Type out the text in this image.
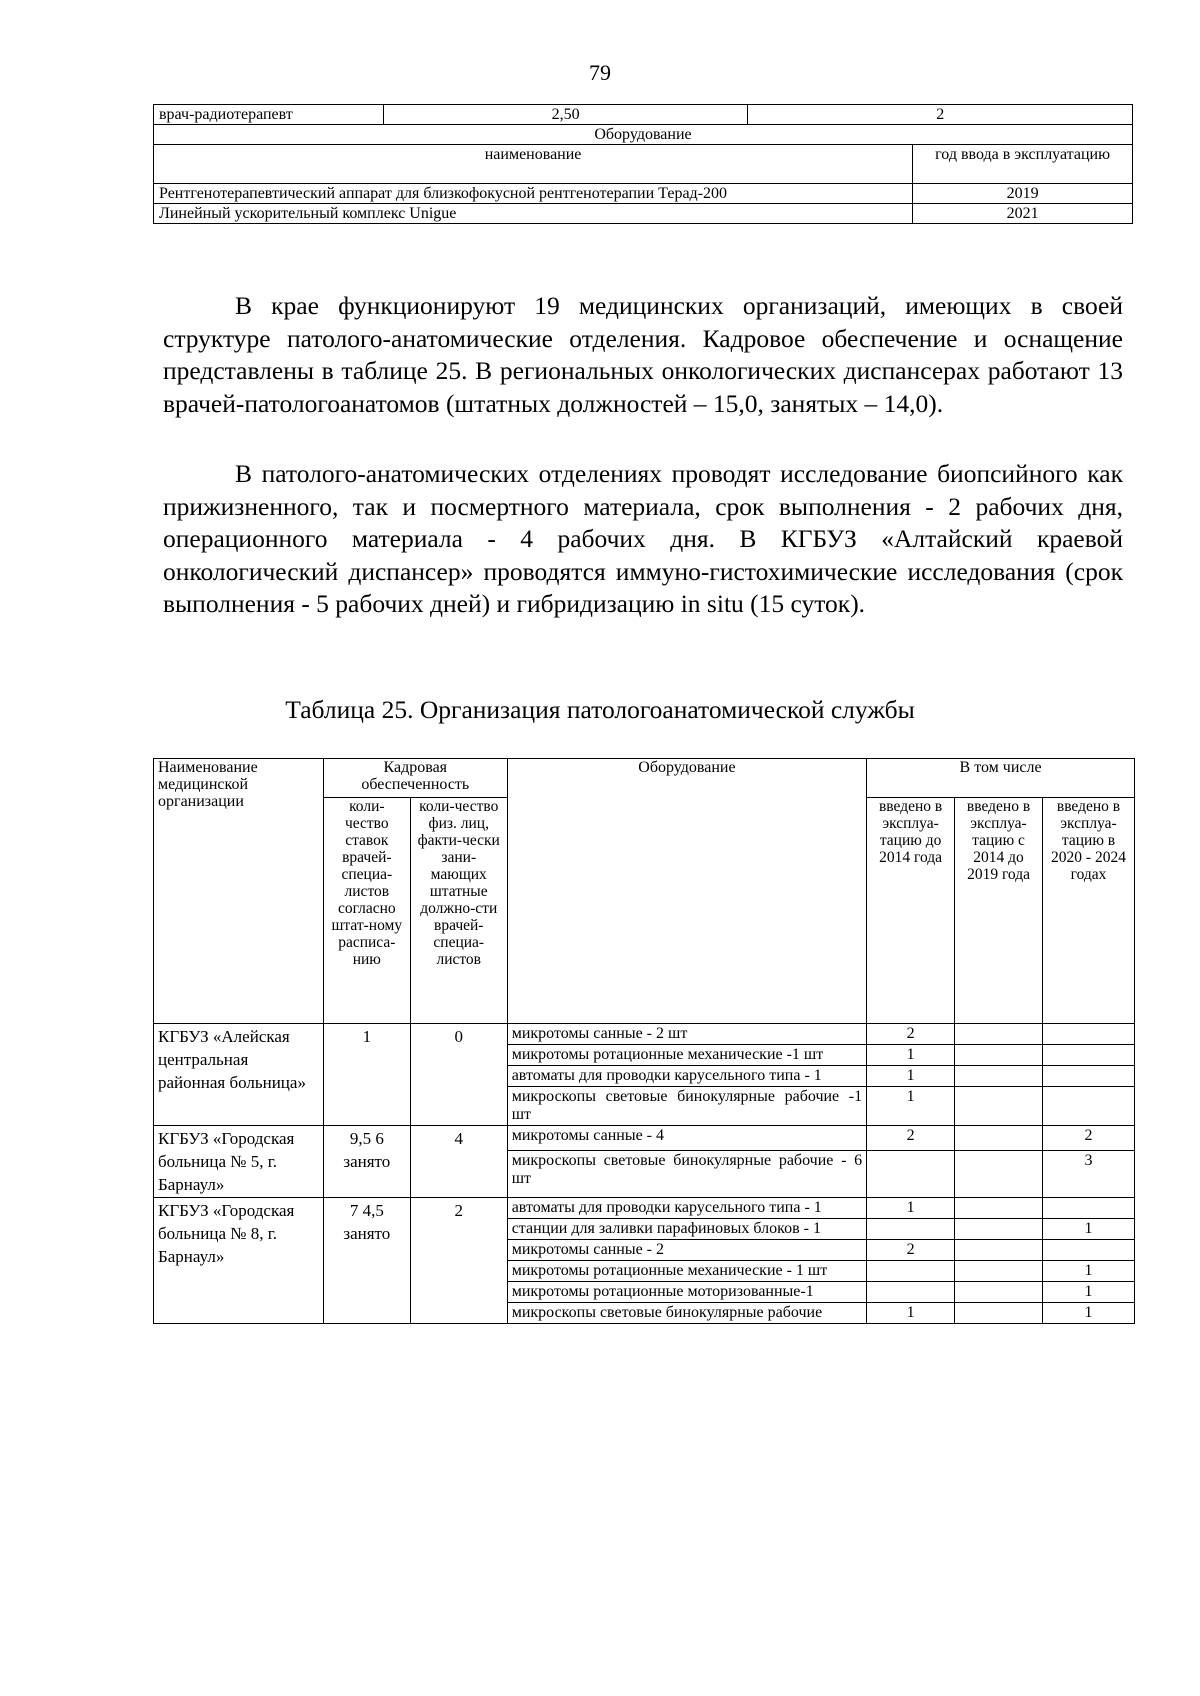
79
врач-радиотерапевт	2,50	2	
Оборудование			
наименование			год ввода в эксплуатацию
Рентгенотерапевтический аппарат для близкофокусной рентгенотерапии Терад-200			2019
Линейный ускорительный комплекс Unigue			2021

В крае функционируют 19 медицинских организаций, имеющих в своей структуре патолого-анатомические отделения. Кадровое обеспечение и оснащение представлены в таблице 25. В региональных онкологических диспансерах работают 13 врачей-патологоанатомов (штатных должностей – 15,0, занятых – 14,0).

В патолого-анатомических отделениях проводят исследование биопсийного как прижизненного, так и посмертного материала, срок выполнения - 2 рабочих дня, операционного материала - 4 рабочих дня. В КГБУЗ «Алтайский краевой онкологический диспансер» проводятся иммуно-гистохимические исследования (срок выполнения - 5 рабочих дней) и гибридизацию in situ (15 суток).

Таблица 25. Организация патологоанатомической службы
Наименование медицинской организации	Кадровая обеспеченность		Оборудование	В том числе		
	коли-чество ставок врачей-специа-листов согласно штат-ному расписа-нию	коли-чество физ. лиц, факти-чески зани-мающих штатные должно-сти врачей-специа-листов		введено в эксплуа-тацию до 2014 года	введено в эксплуа-тацию с 2014 до 2019 года	введено в эксплуа-тацию в 2020 - 2024 годах
КГБУЗ «Алейская центральная районная больница»	1	0	микротомы санные - 2 шт	2		
			микротомы ротационные механические -1 шт	1		
			автоматы для проводки карусельного типа - 1	1		
			микроскопы световые бинокулярные рабочие -1 шт	1		
КГБУЗ «Городская больница № 5, г. Барнаул»	9,5 6 занято	4	микротомы санные - 4	2		2
			микроскопы световые бинокулярные рабочие - 6 шт			3
КГБУЗ «Городская больница № 8, г. Барнаул»	7 4,5 занято	2	автоматы для проводки карусельного типа - 1	1		
			станции для заливки парафиновых блоков - 1			1
			микротомы санные - 2	2		
			микротомы ротационные механические - 1 шт			1
			микротомы ротационные моторизованные-1			1
			микроскопы световые бинокулярные рабочие	1		1
